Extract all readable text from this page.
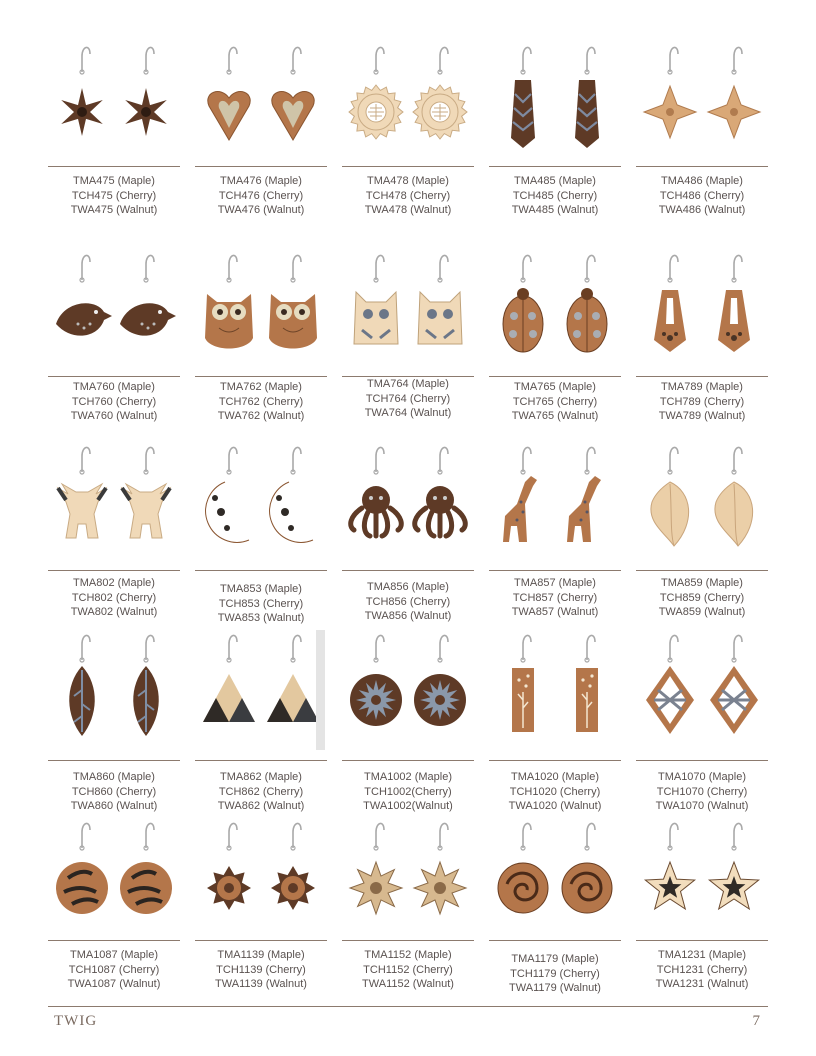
TMA475 (Maple)
TCH475 (Cherry)
TWA475 (Walnut)
TMA476 (Maple)
TCH476 (Cherry)
TWA476 (Walnut)
TMA478 (Maple)
TCH478 (Cherry)
TWA478 (Walnut)
TMA485 (Maple)
TCH485 (Cherry)
TWA485 (Walnut)
TMA486 (Maple)
TCH486 (Cherry)
TWA486 (Walnut)
TMA760 (Maple)
TCH760 (Cherry)
TWA760 (Walnut)
TMA762 (Maple)
TCH762 (Cherry)
TWA762 (Walnut)
TMA764 (Maple)
TCH764 (Cherry)
TWA764 (Walnut)
TMA765 (Maple)
TCH765 (Cherry)
TWA765 (Walnut)
TMA789 (Maple)
TCH789 (Cherry)
TWA789 (Walnut)
TMA802 (Maple)
TCH802 (Cherry)
TWA802 (Walnut)
TMA853 (Maple)
TCH853 (Cherry)
TWA853 (Walnut)
TMA856 (Maple)
TCH856 (Cherry)
TWA856 (Walnut)
TMA857 (Maple)
TCH857 (Cherry)
TWA857 (Walnut)
TMA859 (Maple)
TCH859 (Cherry)
TWA859 (Walnut)
TMA860 (Maple)
TCH860 (Cherry)
TWA860 (Walnut)
TMA862 (Maple)
TCH862 (Cherry)
TWA862 (Walnut)
TMA1002 (Maple)
TCH1002(Cherry)
TWA1002(Walnut)
TMA1020 (Maple)
TCH1020 (Cherry)
TWA1020 (Walnut)
TMA1070 (Maple)
TCH1070 (Cherry)
TWA1070 (Walnut)
TMA1087 (Maple)
TCH1087 (Cherry)
TWA1087 (Walnut)
TMA1139 (Maple)
TCH1139 (Cherry)
TWA1139 (Walnut)
TMA1152 (Maple)
TCH1152 (Cherry)
TWA1152 (Walnut)
TMA1179 (Maple)
TCH1179 (Cherry)
TWA1179 (Walnut)
TMA1231 (Maple)
TCH1231 (Cherry)
TWA1231 (Walnut)
TWIG	7
